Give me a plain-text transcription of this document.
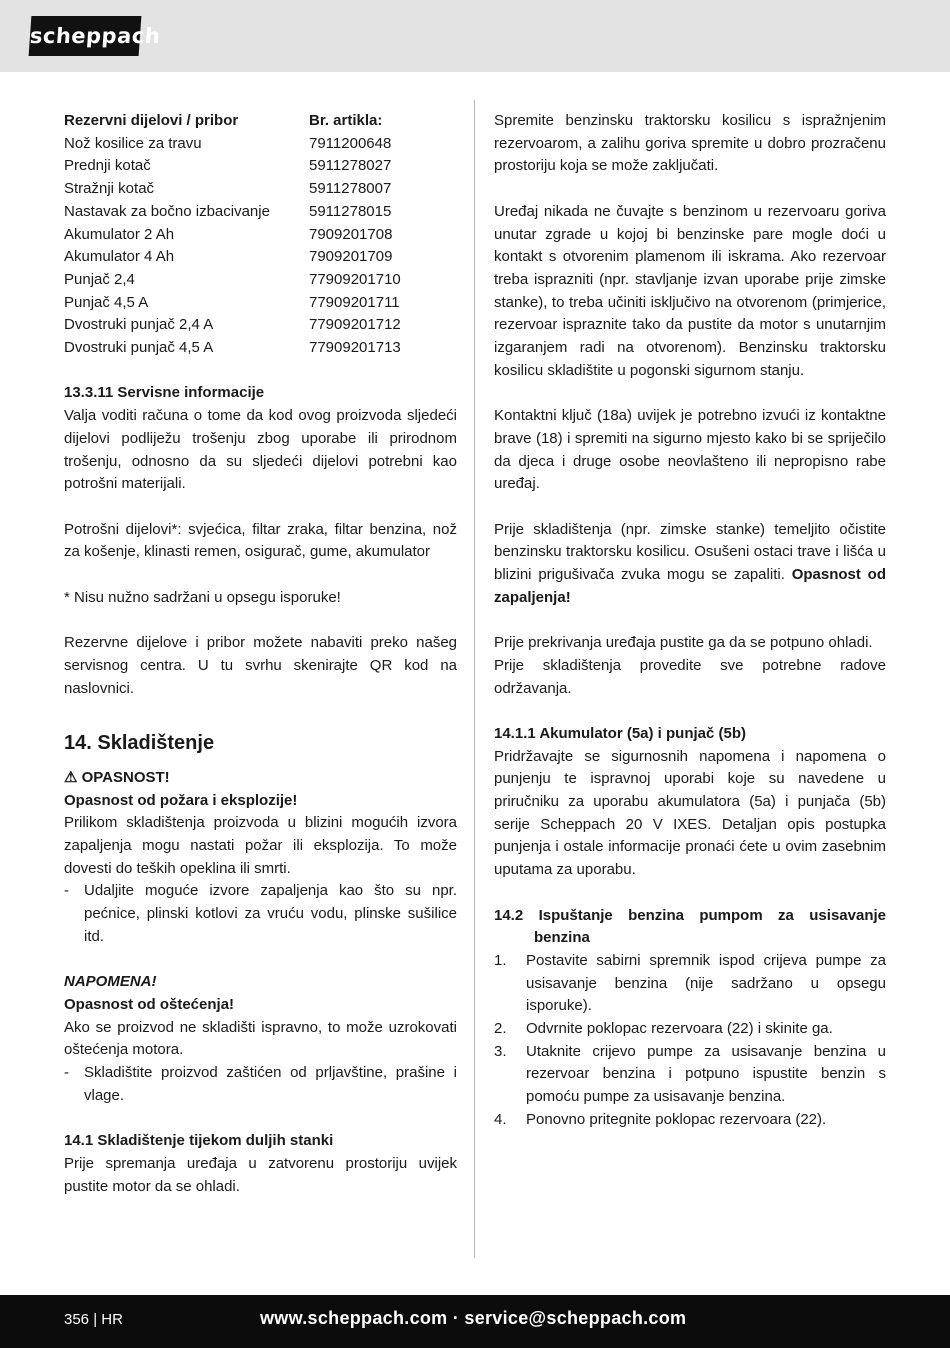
scheppach
Rezervni dijelovi / pribor	Br. artikla:
Nož kosilice za travu	7911200648
Prednji kotač	5911278027
Stražnji kotač	5911278007
Nastavak za bočno izbacivanje	5911278015
Akumulator 2 Ah	7909201708
Akumulator 4 Ah	7909201709
Punjač 2,4	77909201710
Punjač 4,5 A	77909201711
Dvostruki punjač 2,4 A	77909201712
Dvostruki punjač 4,5 A	77909201713

13.3.11 Servisne informacije

Valja voditi računa o tome da kod ovog proizvoda sljedeći dijelovi podliježu trošenju zbog uporabe ili prirodnom trošenju, odnosno da su sljedeći dijelovi potrebni kao potrošni materijali.

Potrošni dijelovi*: svjećica, filtar zraka, filtar benzina, nož za košenje, klinasti remen, osigurač, gume, akumulator

* Nisu nužno sadržani u opsegu isporuke!

Rezervne dijelove i pribor možete nabaviti preko našeg servisnog centra. U tu svrhu skenirajte QR kod na naslovnici.

14. Skladištenje

⚠ OPASNOST!

Opasnost od požara i eksplozije!

Prilikom skladištenja proizvoda u blizini mogućih izvora zapaljenja mogu nastati požar ili eksplozija. To može dovesti do teških opeklina ili smrti.

- Udaljite moguće izvore zapaljenja kao što su npr. pećnice, plinski kotlovi za vruću vodu, plinske sušilice itd.

NAPOMENA!

Opasnost od oštećenja!

Ako se proizvod ne skladišti ispravno, to može uzrokovati oštećenja motora.

- Skladištite proizvod zaštićen od prljavštine, prašine i vlage.

14.1 Skladištenje tijekom duljih stanki

Prije spremanja uređaja u zatvorenu prostoriju uvijek pustite motor da se ohladi.

Spremite benzinsku traktorsku kosilicu s ispražnjenim rezervoarom, a zalihu goriva spremite u dobro prozračenu prostoriju koja se može zaključati.

Uređaj nikada ne čuvajte s benzinom u rezervoaru goriva unutar zgrade u kojoj bi benzinske pare mogle doći u kontakt s otvorenim plamenom ili iskrama. Ako rezervoar treba isprazniti (npr. stavljanje izvan uporabe prije zimske stanke), to treba učiniti isključivo na otvorenom (primjerice, rezervoar ispraznite tako da pustite da motor s unutarnjim izgaranjem radi na otvorenom). Benzinsku traktorsku kosilicu skladištite u pogonski sigurnom stanju.

Kontaktni ključ (18a) uvijek je potrebno izvući iz kontaktne brave (18) i spremiti na sigurno mjesto kako bi se spriječilo da djeca i druge osobe neovlašteno ili nepropisno rabe uređaj.

Prije skladištenja (npr. zimske stanke) temeljito očistite benzinsku traktorsku kosilicu. Osušeni ostaci trave i lišća u blizini prigušivača zvuka mogu se zapaliti. Opasnost od zapaljenja!

Prije prekrivanja uređaja pustite ga da se potpuno ohladi.

Prije skladištenja provedite sve potrebne radove održavanja.

14.1.1 Akumulator (5a) i punjač (5b)

Pridržavajte se sigurnosnih napomena i napomena o punjenju te ispravnoj uporabi koje su navedene u priručniku za uporabu akumulatora (5a) i punjača (5b) serije Scheppach 20 V IXES. Detaljan opis postupka punjenja i ostale informacije pronaći ćete u ovim zasebnim uputama za uporabu.

14.2 Ispuštanje benzina pumpom za usisavanje benzina

1. Postavite sabirni spremnik ispod crijeva pumpe za usisavanje benzina (nije sadržano u opsegu isporuke).
2. Odvrnite poklopac rezervoara (22) i skinite ga.
3. Utaknite crijevo pumpe za usisavanje benzina u rezervoar benzina i potpuno ispustite benzin s pomoću pumpe za usisavanje benzina.
4. Ponovno pritegnite poklopac rezervoara (22).
356 | HR	www.scheppach.com · service@scheppach.com
